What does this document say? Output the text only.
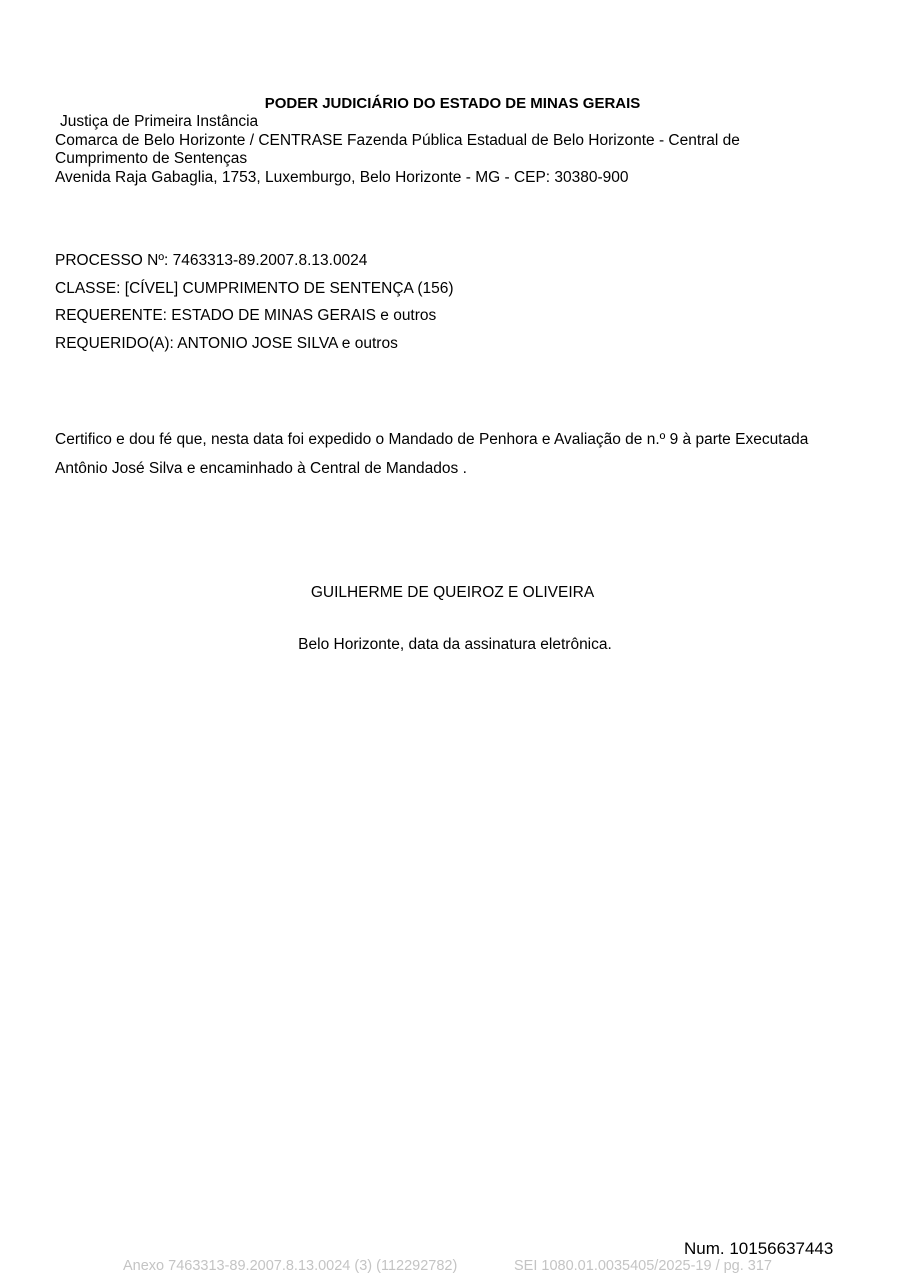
PODER JUDICIÁRIO DO ESTADO DE MINAS GERAIS
Justiça de Primeira Instância
Comarca de Belo Horizonte / CENTRASE Fazenda Pública Estadual de Belo Horizonte - Central de
Cumprimento de Sentenças
Avenida Raja Gabaglia, 1753, Luxemburgo, Belo Horizonte - MG - CEP: 30380-900
PROCESSO Nº: 7463313-89.2007.8.13.0024
CLASSE: [CÍVEL] CUMPRIMENTO DE SENTENÇA (156)
REQUERENTE: ESTADO DE MINAS GERAIS e outros
REQUERIDO(A): ANTONIO JOSE SILVA e outros
Certifico e dou fé que, nesta data foi expedido o Mandado de Penhora e Avaliação de n.º 9 à parte Executada Antônio José Silva e encaminhado à Central de Mandados .
GUILHERME DE QUEIROZ E OLIVEIRA
Belo Horizonte, data da assinatura eletrônica.
Num. 10156637443
Anexo 7463313-89.2007.8.13.0024 (3) (112292782)	SEI 1080.01.0035405/2025-19 / pg. 317
